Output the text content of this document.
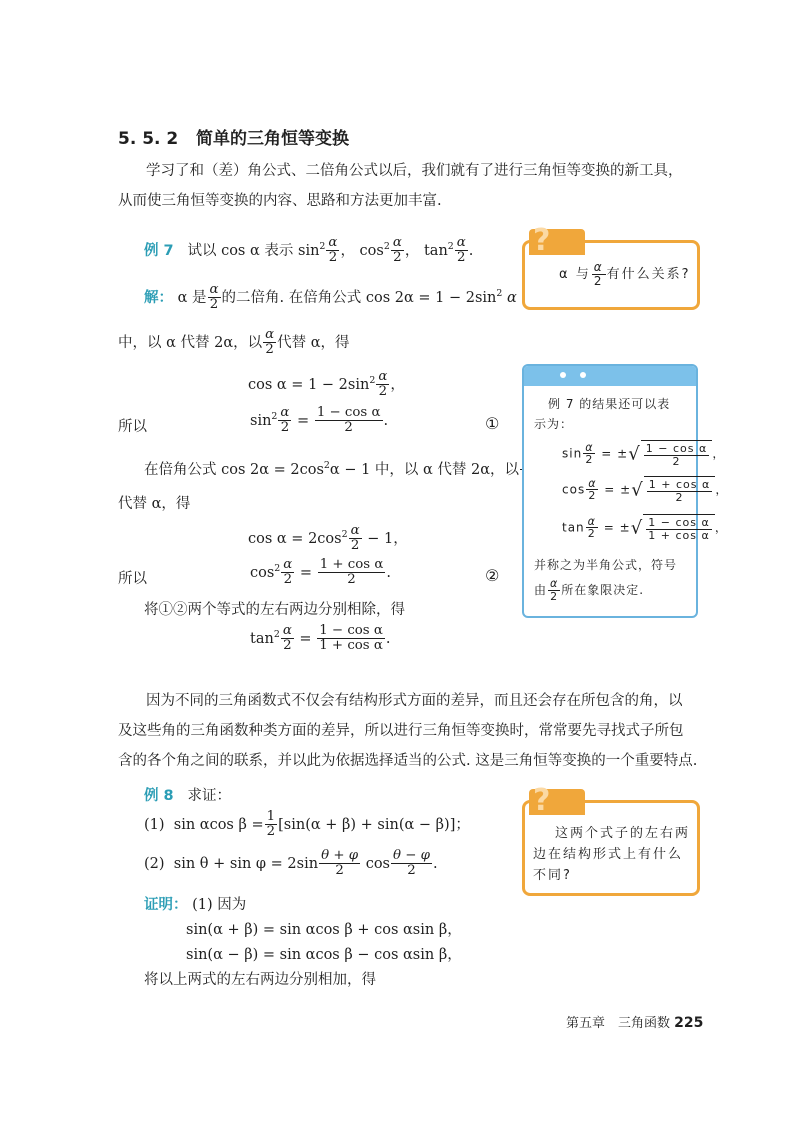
5. 5. 2 简单的三角恒等变换
学习了和（差）角公式、二倍角公式以后，我们就有了进行三角恒等变换的新工具，
从而使三角恒等变换的内容、思路和方法更加丰富.
例 7 试以 cos α 表示 $\sin^2 \frac{\alpha}{2}$ ， $\cos^2 \frac{\alpha}{2}$ ， $\tan^2 \frac{\alpha}{2}$ .
解： α 是 $\frac{\alpha}{2}$ 的二倍角. 在倍角公式 $\cos 2\alpha = 1 - 2\sin^2$ α
中，以 α 代替 2α，以 $\frac{\alpha}{2}$ 代替 α，得
$\cos \alpha = 1 - 2\sin^2 \frac{\alpha}{2}$ ，
所以	$\sin^2 \frac{\alpha}{2} = \frac{\text{1 − cos α}}{2}$ .	①
在倍角公式 $\cos 2\alpha = 2\cos^2\alpha - 1$ 中，以 α 代替 2α，以
代替 α，得
$\cos \alpha = 2\cos^2 \frac{\alpha}{2} - 1$，
所以	$\cos^2 \frac{\alpha}{2} = \frac{\text{1 + cos α}}{2}$ .	②
将①②两个等式的左右两边分别相除，得
$\tan^2 \frac{\alpha}{2} = \frac{\text{1 − cos α}}{\text{1 + cos α}}$ .
因为不同的三角函数式不仅会有结构形式方面的差异，而且还会存在所包含的角，以
及这些角的三角函数种类方面的差异，所以进行三角恒等变换时，常常要先寻找式子所包
含的各个角之间的联系，并以此为依据选择适当的公式. 这是三角恒等变换的一个重要特点.
例 8 求证：
(1) sin αcos $\beta = \frac{1}{2} [\sin(\alpha + \beta) + \sin(\alpha - \beta)]$；
(2) $\sin \theta + \sin \varphi = 2\sin \frac{\theta + \varphi}{2}$ $\cos \frac{\theta - \varphi}{2}$ .
证明： (1) 因为
sin(α + β) = sin αcos β + cos αsin β，
sin(α − β) = sin αcos β − cos αsin β，
将以上两式的左右两边分别相加，得
?
α 与 $\frac{\alpha}{2}$ 有什么关系?
例 7 的结果还可以表
示为：
$\sin \frac{\alpha}{2}$ = ±√ $\frac{\text{1 − cos α}}{2}$ ，
$\cos \frac{\alpha}{2}$ = ±√ $\frac{\text{1 + cos α}}{2}$ ，
$\tan \frac{\alpha}{2}$ = ±√ $\frac{\text{1 − cos α}}{\text{1 + cos α}}$ ，
并称之为半角公式，符号
由 $\frac{\alpha}{2}$ 所在象限决定.
?
这两个式子的左右两
边在结构形式上有什么
不同?
第五章　三角函数 225
